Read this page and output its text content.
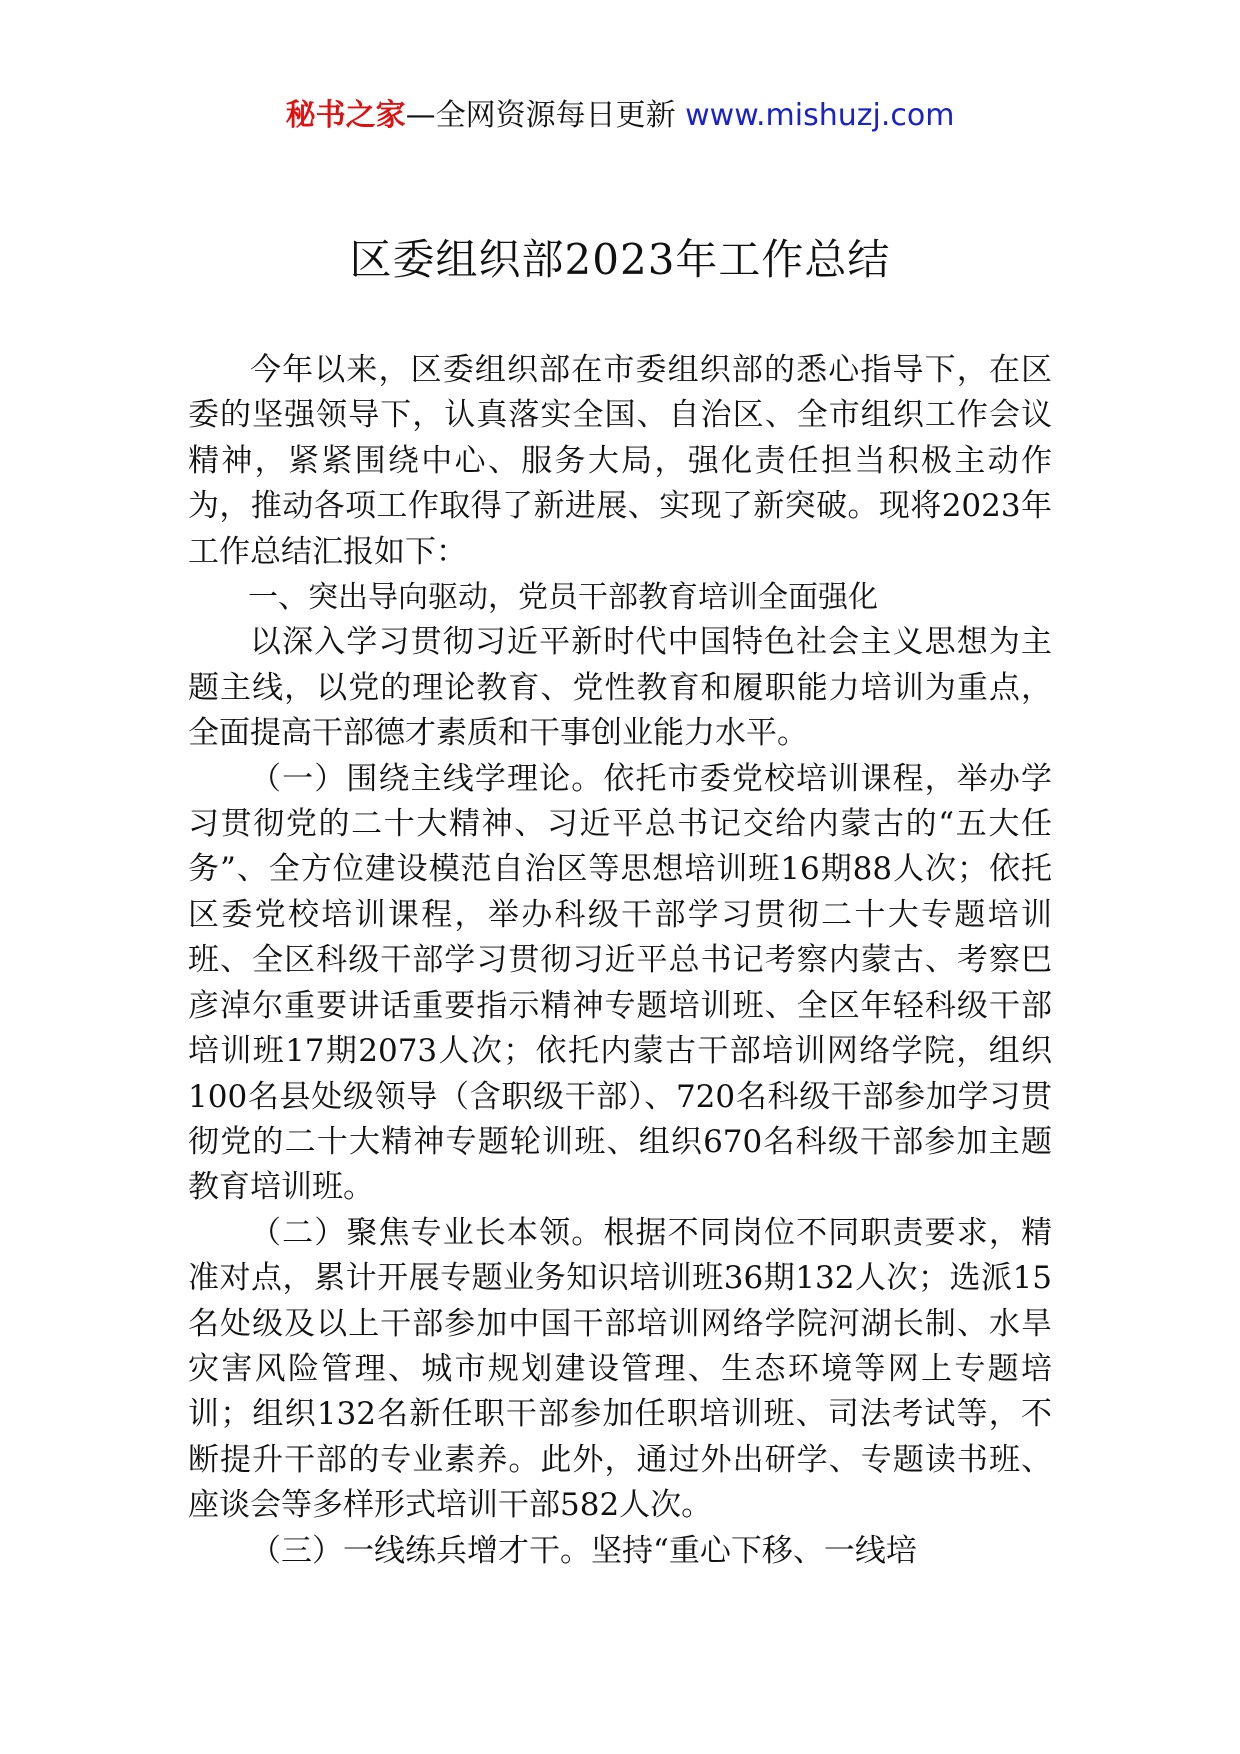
秘书之家—全网资源每日更新 www.mishuzj.com
区委组织部2023年工作总结

今年以来，区委组织部在市委组织部的悉心指导下，在区委的坚强领导下，认真落实全国、自治区、全市组织工作会议精神，紧紧围绕中心、服务大局，强化责任担当积极主动作为，推动各项工作取得了新进展、实现了新突破。现将2023年工作总结汇报如下：

一、突出导向驱动，党员干部教育培训全面强化

以深入学习贯彻习近平新时代中国特色社会主义思想为主题主线，以党的理论教育、党性教育和履职能力培训为重点，全面提高干部德才素质和干事创业能力水平。

（一）围绕主线学理论。依托市委党校培训课程，举办学习贯彻党的二十大精神、习近平总书记交给内蒙古的“五大任务”、全方位建设模范自治区等思想培训班16期88人次；依托区委党校培训课程，举办科级干部学习贯彻二十大专题培训班、全区科级干部学习贯彻习近平总书记考察内蒙古、考察巴彦淖尔重要讲话重要指示精神专题培训班、全区年轻科级干部培训班17期2073人次；依托内蒙古干部培训网络学院，组织100名县处级领导（含职级干部）、720名科级干部参加学习贯彻党的二十大精神专题轮训班、组织670名科级干部参加主题教育培训班。

（二）聚焦专业长本领。根据不同岗位不同职责要求，精准对点，累计开展专题业务知识培训班36期132人次；选派15名处级及以上干部参加中国干部培训网络学院河湖长制、水旱灾害风险管理、城市规划建设管理、生态环境等网上专题培训；组织132名新任职干部参加任职培训班、司法考试等，不断提升干部的专业素养。此外，通过外出研学、专题读书班、座谈会等多样形式培训干部582人次。

（三）一线练兵增才干。坚持“重心下移、一线培
